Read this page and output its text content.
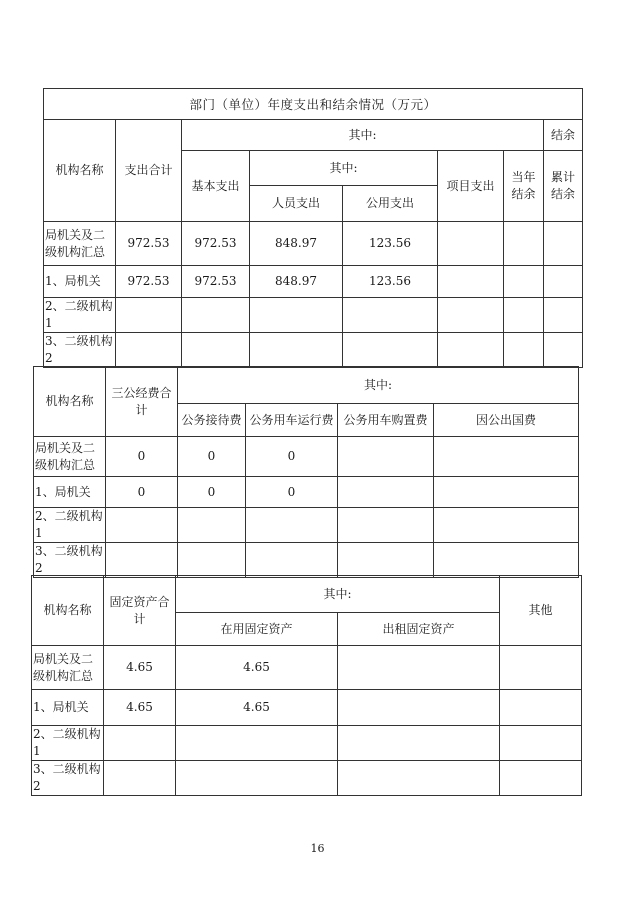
部门（单位）年度支出和结余情况（万元）							
机构名称	支出合计	其中:					结余
		基本支出	其中:		项目支出	当年结余	累计结余
			人员支出	公用支出			
局机关及二级机构汇总	972.53	972.53	848.97	123.56			
1、局机关	972.53	972.53	848.97	123.56			
2、二级机构 1							
3、二级机构 2							
机构名称	三公经费合计	其中:			
		公务接待费	公务用车运行费	公务用车购置费	因公出国费
局机关及二级机构汇总	0	0	0		
1、局机关	0	0	0		
2、二级机构 1					
3、二级机构 2					
机构名称	固定资产合计	其中:		其他
		在用固定资产	出租固定资产	
局机关及二级机构汇总	4.65	4.65		
1、局机关	4.65	4.65		
2、二级机构 1				
3、二级机构 2				
16
